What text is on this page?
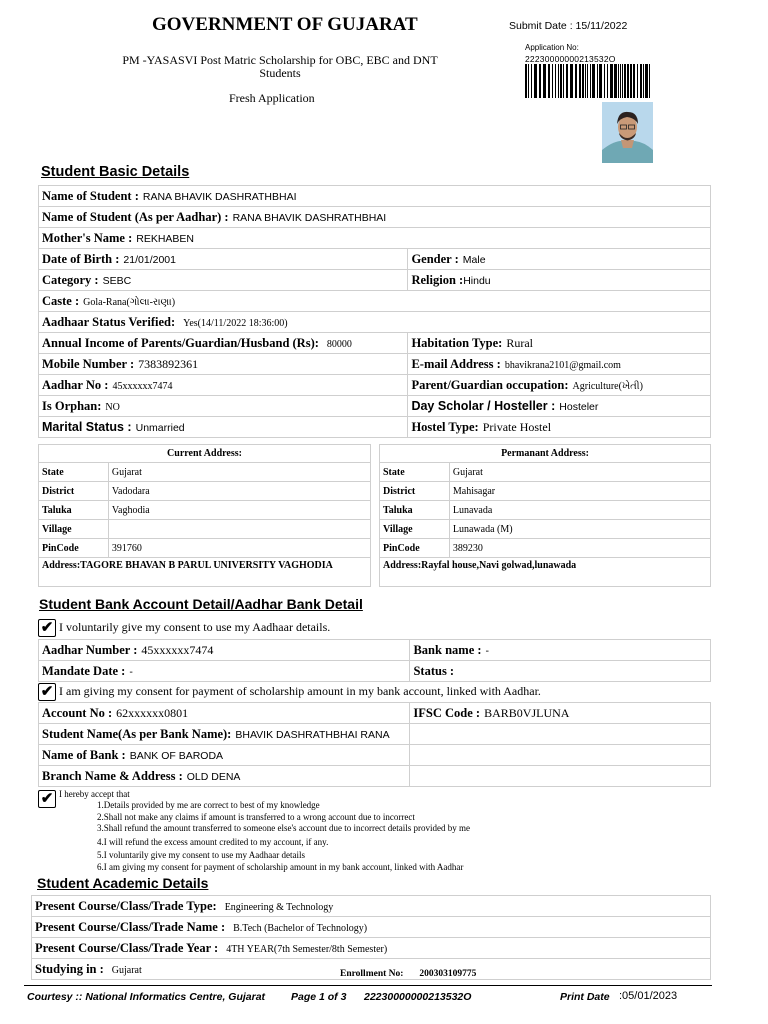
GOVERNMENT OF GUJARAT
PM -YASASVI Post Matric Scholarship for OBC, EBC and DNT
Students
Fresh Application
Submit Date : 15/11/2022
Application No:
22230000000213532O
Student Basic Details
Name of Student : RANA BHAVIK DASHRATHBHAI	
Name of Student (As per Aadhar) : RANA BHAVIK DASHRATHBHAI	
Mother's Name : REKHABEN	
Date of Birth : 21/01/2001	Gender : Male
Category : SEBC	Religion :Hindu
Caste : Gola-Rana(ગોલા-રાણા)	
Aadhaar Status Verified: Yes(14/11/2022 18:36:00)	
Annual Income of Parents/Guardian/Husband (Rs): 80000	Habitation Type: Rural
Mobile Number : 7383892361	E-mail Address : bhavikrana2101@gmail.com
Aadhar No : 45xxxxxx7474	Parent/Guardian occupation: Agriculture(ખેતી)
Is Orphan: NO	Day Scholar / Hosteller : Hosteler
Marital Status : Unmarried	Hostel Type: Private Hostel
Current Address:	
State	Gujarat
District	Vadodara
Taluka	Vaghodia
Village	
PinCode	391760
Address:TAGORE BHAVAN B PARUL UNIVERSITY VAGHODIA	
Permanant Address:	
State	Gujarat
District	Mahisagar
Taluka	Lunavada
Village	Lunawada (M)
PinCode	389230
Address:Rayfal house,Navi golwad,lunawada	
Student Bank Account Detail/Aadhar Bank Detail
✔ I voluntarily give my consent to use my Aadhaar details.
Aadhar Number : 45xxxxxx7474	Bank name : -
Mandate Date : -	Status :
✔ I am giving my consent for payment of scholarship amount in my bank account, linked with Aadhar.
Account No : 62xxxxxx0801	IFSC Code : BARB0VJLUNA
Student Name(As per Bank Name): BHAVIK DASHRATHBHAI RANA	
Name of Bank : BANK OF BARODA	
Branch Name & Address : OLD DENA	
✔ I hereby accept that
1.Details provided by me are correct to best of my knowledge
2.Shall not make any claims if amount is transferred to a wrong account due to incorrect
3.Shall refund the amount transferred to someone else's account due to incorrect details provided by me
4.I will refund the excess amount credited to my account, if any.
5.I voluntarily give my consent to use my Aadhaar details
6.I am giving my consent for payment of scholarship amount in my bank account, linked with Aadhar
Student Academic Details
Present Course/Class/Trade Type: Engineering & Technology
Present Course/Class/Trade Name : B.Tech (Bachelor of Technology)
Present Course/Class/Trade Year : 4TH YEAR(7th Semester/8th Semester)
Studying in : Gujarat	Enrollment No: 200303109775
Courtesy :: National Informatics Centre, Gujarat Page 1 of 3 22230000000213532O	Print Date :05/01/2023
